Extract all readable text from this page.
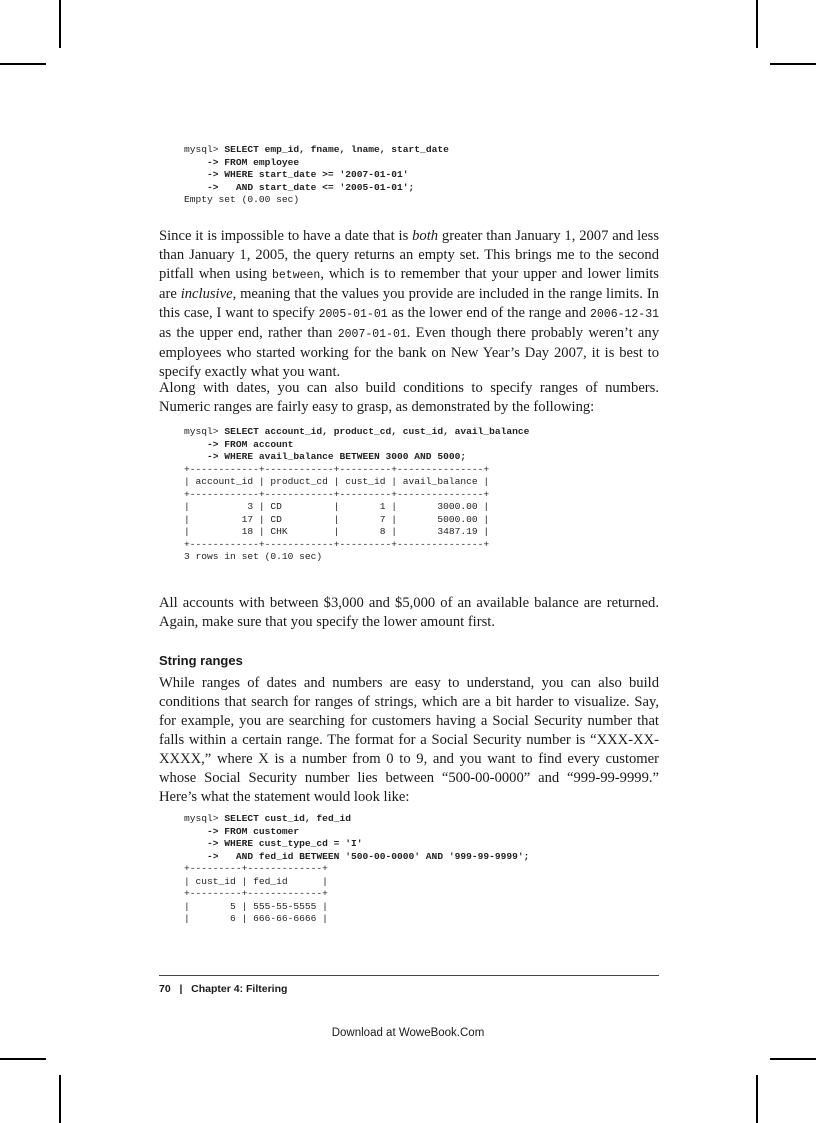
mysql> SELECT emp_id, fname, lname, start_date
-> FROM employee
-> WHERE start_date >= '2007-01-01'
->   AND start_date <= '2005-01-01';
Empty set (0.00 sec)

Since it is impossible to have a date that is both greater than January 1, 2007 and less than January 1, 2005, the query returns an empty set. This brings me to the second pitfall when using between, which is to remember that your upper and lower limits are inclusive, meaning that the values you provide are included in the range limits. In this case, I want to specify 2005-01-01 as the lower end of the range and 2006-12-31 as the upper end, rather than 2007-01-01. Even though there probably weren’t any employees who started working for the bank on New Year’s Day 2007, it is best to specify exactly what you want.

Along with dates, you can also build conditions to specify ranges of numbers. Numeric ranges are fairly easy to grasp, as demonstrated by the following:

mysql> SELECT account_id, product_cd, cust_id, avail_balance
-> FROM account
-> WHERE avail_balance BETWEEN 3000 AND 5000;
+------------+------------+---------+---------------+
| account_id | product_cd | cust_id | avail_balance |
+------------+------------+---------+---------------+
|          3 | CD         |       1 |       3000.00 |
|         17 | CD         |       7 |       5000.00 |
|         18 | CHK        |       8 |       3487.19 |
+------------+------------+---------+---------------+
3 rows in set (0.10 sec)

All accounts with between $3,000 and $5,000 of an available balance are returned. Again, make sure that you specify the lower amount first.

String ranges

While ranges of dates and numbers are easy to understand, you can also build conditions that search for ranges of strings, which are a bit harder to visualize. Say, for example, you are searching for customers having a Social Security number that falls within a certain range. The format for a Social Security number is “XXX-XX-XXXX,” where X is a number from 0 to 9, and you want to find every customer whose Social Security number lies between “500-00-0000” and “999-99-9999.” Here’s what the statement would look like:

mysql> SELECT cust_id, fed_id
-> FROM customer
-> WHERE cust_type_cd = 'I'
->   AND fed_id BETWEEN '500-00-0000' AND '999-99-9999';
+---------+-------------+
| cust_id | fed_id      |
+---------+-------------+
|       5 | 555-55-5555 |
|       6 | 666-66-6666 |
70 | Chapter 4: Filtering
Download at WoweBook.Com
